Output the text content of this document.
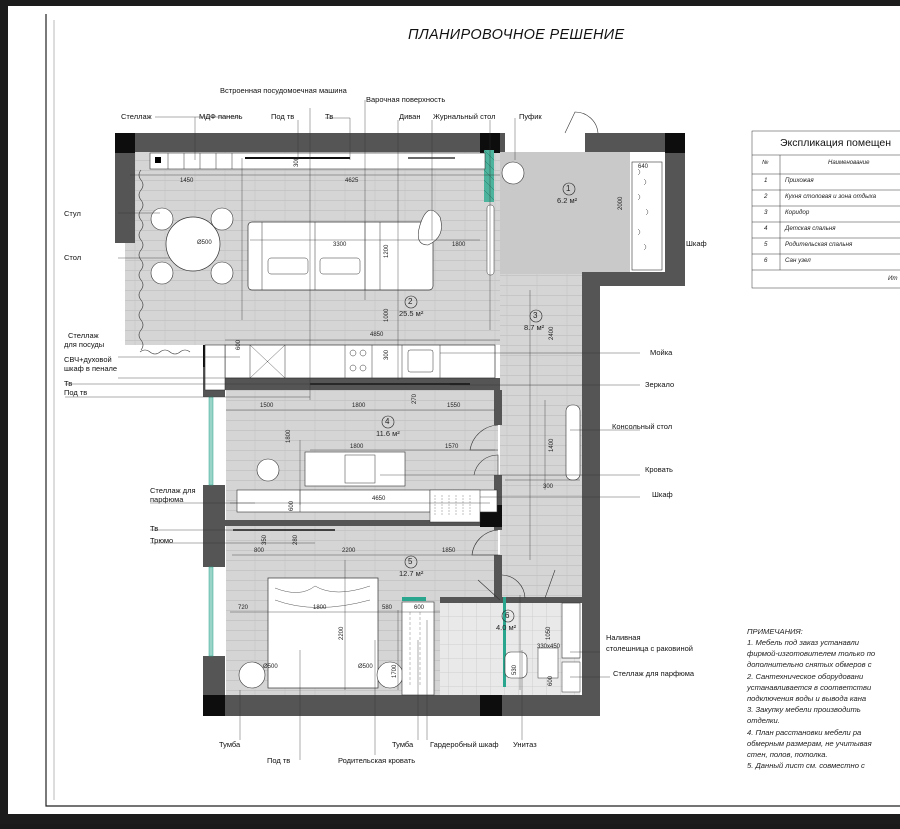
1450	4625
3300	1800
1200
1000
4850
1500	1800	1550
1570
1800
1800
4650
800	2200	1850
720	1800	580	600
2200
1700
1050
530
600
2400
1400
300
640
2000
Ø500
600
600
300
350	280
Ø500	Ø500
330х450
270
300
ПЛАНИРОВОЧНОЕ РЕШЕНИЕ
Стеллаж
Встроенная посудомоечная машина
МДФ панель	Под тв	Тв
Варочная поверхность
Диван Журнальный стол	Пуфик
Стул
Стол
Шкаф
Стеллаж
для посуды
СВЧ+духовой
шкаф в пенале
Тв
Под тв
Мойка
Зеркало
Консольный стол
Кровать
Шкаф
Стеллаж для
парфюма
Тв
Трюмо
Наливная
столешница с раковиной
Стеллаж для парфюма
Тумба
Под тв	Родительская кровать
Тумба Гардеробный шкаф Унитаз
1
6.2 м²
2
25.5 м²	3
8.7 м²
4
11.6 м²
5
12.7 м²
6
4.0 м²
Экспликация помещен
№	Наименование
1	Прихожая
2	Кухня столовая и зона отдыха
3	Коридор
4	Детская спальня
5	Родительская спальня
6	Сан узел
Ит
ПРИМЕЧАНИЯ:
1. Мебель под заказ устанавли
фирмой-изготовителем только по
дополнительно снятых обмеров с
2. Сантехническое оборудовани
устанавливается в соответстви
подключения воды и вывода кана
3. Закупку мебели производить
отделки.
4. План расстановки мебели ра
обмерным размерам, не учитывая
стен, полов, потолка.
5. Данный лист см. совместно с
